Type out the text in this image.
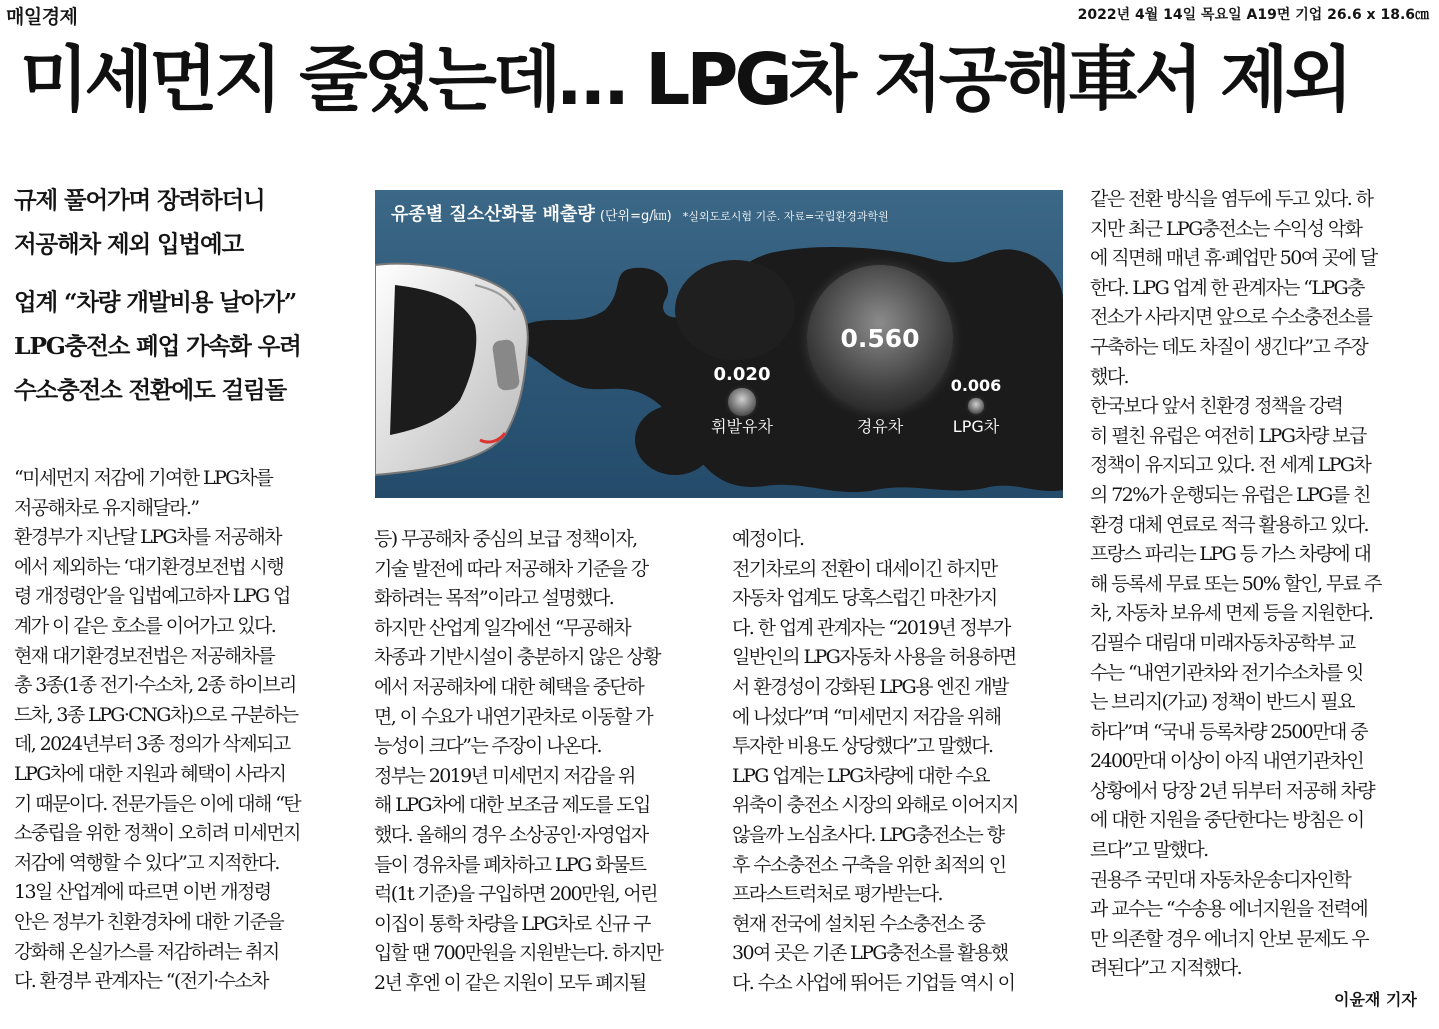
매일경제	2022년 4월 14일 목요일 A19면 기업 26.6 x 18.6㎝
미세먼지 줄였는데… LPG차 저공해車서 제외
규제 풀어가며 장려하더니
저공해차 제외 입법예고
업계 “차량 개발비용 날아가”
LPG충전소 폐업 가속화 우려
수소충전소 전환에도 걸림돌
유종별 질소산화물 배출량 (단위=g/㎞) *실외도로시험 기준. 자료=국립환경과학원
0.020
휘발유차
0.560
경유차
0.006
LPG차
“미세먼지 저감에 기여한 LPG차를
저공해차로 유지해달라.”
환경부가 지난달 LPG차를 저공해차
에서 제외하는 ‘대기환경보전법 시행
령 개정령안’을 입법예고하자 LPG 업
계가 이 같은 호소를 이어가고 있다.
현재 대기환경보전법은 저공해차를
총 3종(1종 전기·수소차, 2종 하이브리
드차, 3종 LPG·CNG차)으로 구분하는
데, 2024년부터 3종 정의가 삭제되고
LPG차에 대한 지원과 혜택이 사라지
기 때문이다. 전문가들은 이에 대해 “탄
소중립을 위한 정책이 오히려 미세먼지
저감에 역행할 수 있다”고 지적한다.
13일 산업계에 따르면 이번 개정령
안은 정부가 친환경차에 대한 기준을
강화해 온실가스를 저감하려는 취지
다. 환경부 관계자는 “(전기·수소차
등) 무공해차 중심의 보급 정책이자,
기술 발전에 따라 저공해차 기준을 강
화하려는 목적”이라고 설명했다.
하지만 산업계 일각에선 “무공해차
차종과 기반시설이 충분하지 않은 상황
에서 저공해차에 대한 혜택을 중단하
면, 이 수요가 내연기관차로 이동할 가
능성이 크다”는 주장이 나온다.
정부는 2019년 미세먼지 저감을 위
해 LPG차에 대한 보조금 제도를 도입
했다. 올해의 경우 소상공인·자영업자
들이 경유차를 폐차하고 LPG 화물트
럭(1t 기준)을 구입하면 200만원, 어린
이집이 통학 차량을 LPG차로 신규 구
입할 땐 700만원을 지원받는다. 하지만
2년 후엔 이 같은 지원이 모두 폐지될
예정이다.
전기차로의 전환이 대세이긴 하지만
자동차 업계도 당혹스럽긴 마찬가지
다. 한 업계 관계자는 “2019년 정부가
일반인의 LPG자동차 사용을 허용하면
서 환경성이 강화된 LPG용 엔진 개발
에 나섰다”며 “미세먼지 저감을 위해
투자한 비용도 상당했다”고 말했다.
LPG 업계는 LPG차량에 대한 수요
위축이 충전소 시장의 와해로 이어지지
않을까 노심초사다. LPG충전소는 향
후 수소충전소 구축을 위한 최적의 인
프라스트럭처로 평가받는다.
현재 전국에 설치된 수소충전소 중
30여 곳은 기존 LPG충전소를 활용했
다. 수소 사업에 뛰어든 기업들 역시 이
같은 전환 방식을 염두에 두고 있다. 하
지만 최근 LPG충전소는 수익성 악화
에 직면해 매년 휴·폐업만 50여 곳에 달
한다. LPG 업계 한 관계자는 “LPG충
전소가 사라지면 앞으로 수소충전소를
구축하는 데도 차질이 생긴다”고 주장
했다.
한국보다 앞서 친환경 정책을 강력
히 펼친 유럽은 여전히 LPG차량 보급
정책이 유지되고 있다. 전 세계 LPG차
의 72%가 운행되는 유럽은 LPG를 친
환경 대체 연료로 적극 활용하고 있다.
프랑스 파리는 LPG 등 가스 차량에 대
해 등록세 무료 또는 50% 할인, 무료 주
차, 자동차 보유세 면제 등을 지원한다.
김필수 대림대 미래자동차공학부 교
수는 “내연기관차와 전기수소차를 잇
는 브리지(가교) 정책이 반드시 필요
하다”며 “국내 등록차량 2500만대 중
2400만대 이상이 아직 내연기관차인
상황에서 당장 2년 뒤부터 저공해 차량
에 대한 지원을 중단한다는 방침은 이
르다”고 말했다.
권용주 국민대 자동차운송디자인학
과 교수는 “수송용 에너지원을 전력에
만 의존할 경우 에너지 안보 문제도 우
려된다”고 지적했다.
이윤재 기자
